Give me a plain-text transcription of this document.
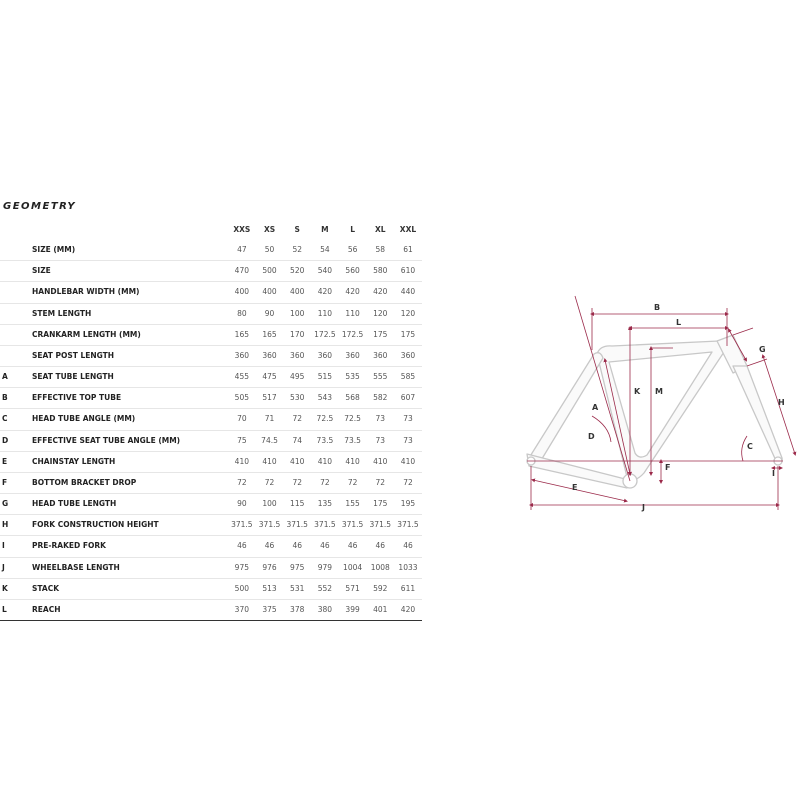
GEOMETRY
		XXS	XS	S	M	L	XL	XXL
	SIZE (MM)	47	50	52	54	56	58	61
	SIZE	470	500	520	540	560	580	610
	HANDLEBAR WIDTH (MM)	400	400	400	420	420	420	440
	STEM LENGTH	80	90	100	110	110	120	120
	CRANKARM LENGTH (MM)	165	165	170	172.5	172.5	175	175
	SEAT POST LENGTH	360	360	360	360	360	360	360
A	SEAT TUBE LENGTH	455	475	495	515	535	555	585
B	EFFECTIVE TOP TUBE	505	517	530	543	568	582	607
C	HEAD TUBE ANGLE (MM)	70	71	72	72.5	72.5	73	73
D	EFFECTIVE SEAT TUBE ANGLE (MM)	75	74.5	74	73.5	73.5	73	73
E	CHAINSTAY LENGTH	410	410	410	410	410	410	410
F	BOTTOM BRACKET DROP	72	72	72	72	72	72	72
G	HEAD TUBE LENGTH	90	100	115	135	155	175	195
H	FORK CONSTRUCTION HEIGHT	371.5	371.5	371.5	371.5	371.5	371.5	371.5
I	PRE-RAKED FORK	46	46	46	46	46	46	46
J	WHEELBASE LENGTH	975	976	975	979	1004	1008	1033
K	STACK	500	513	531	552	571	592	611
L	REACH	370	375	378	380	399	401	420
B
L
K M
A
D
G
H
C
F
E
J
I
